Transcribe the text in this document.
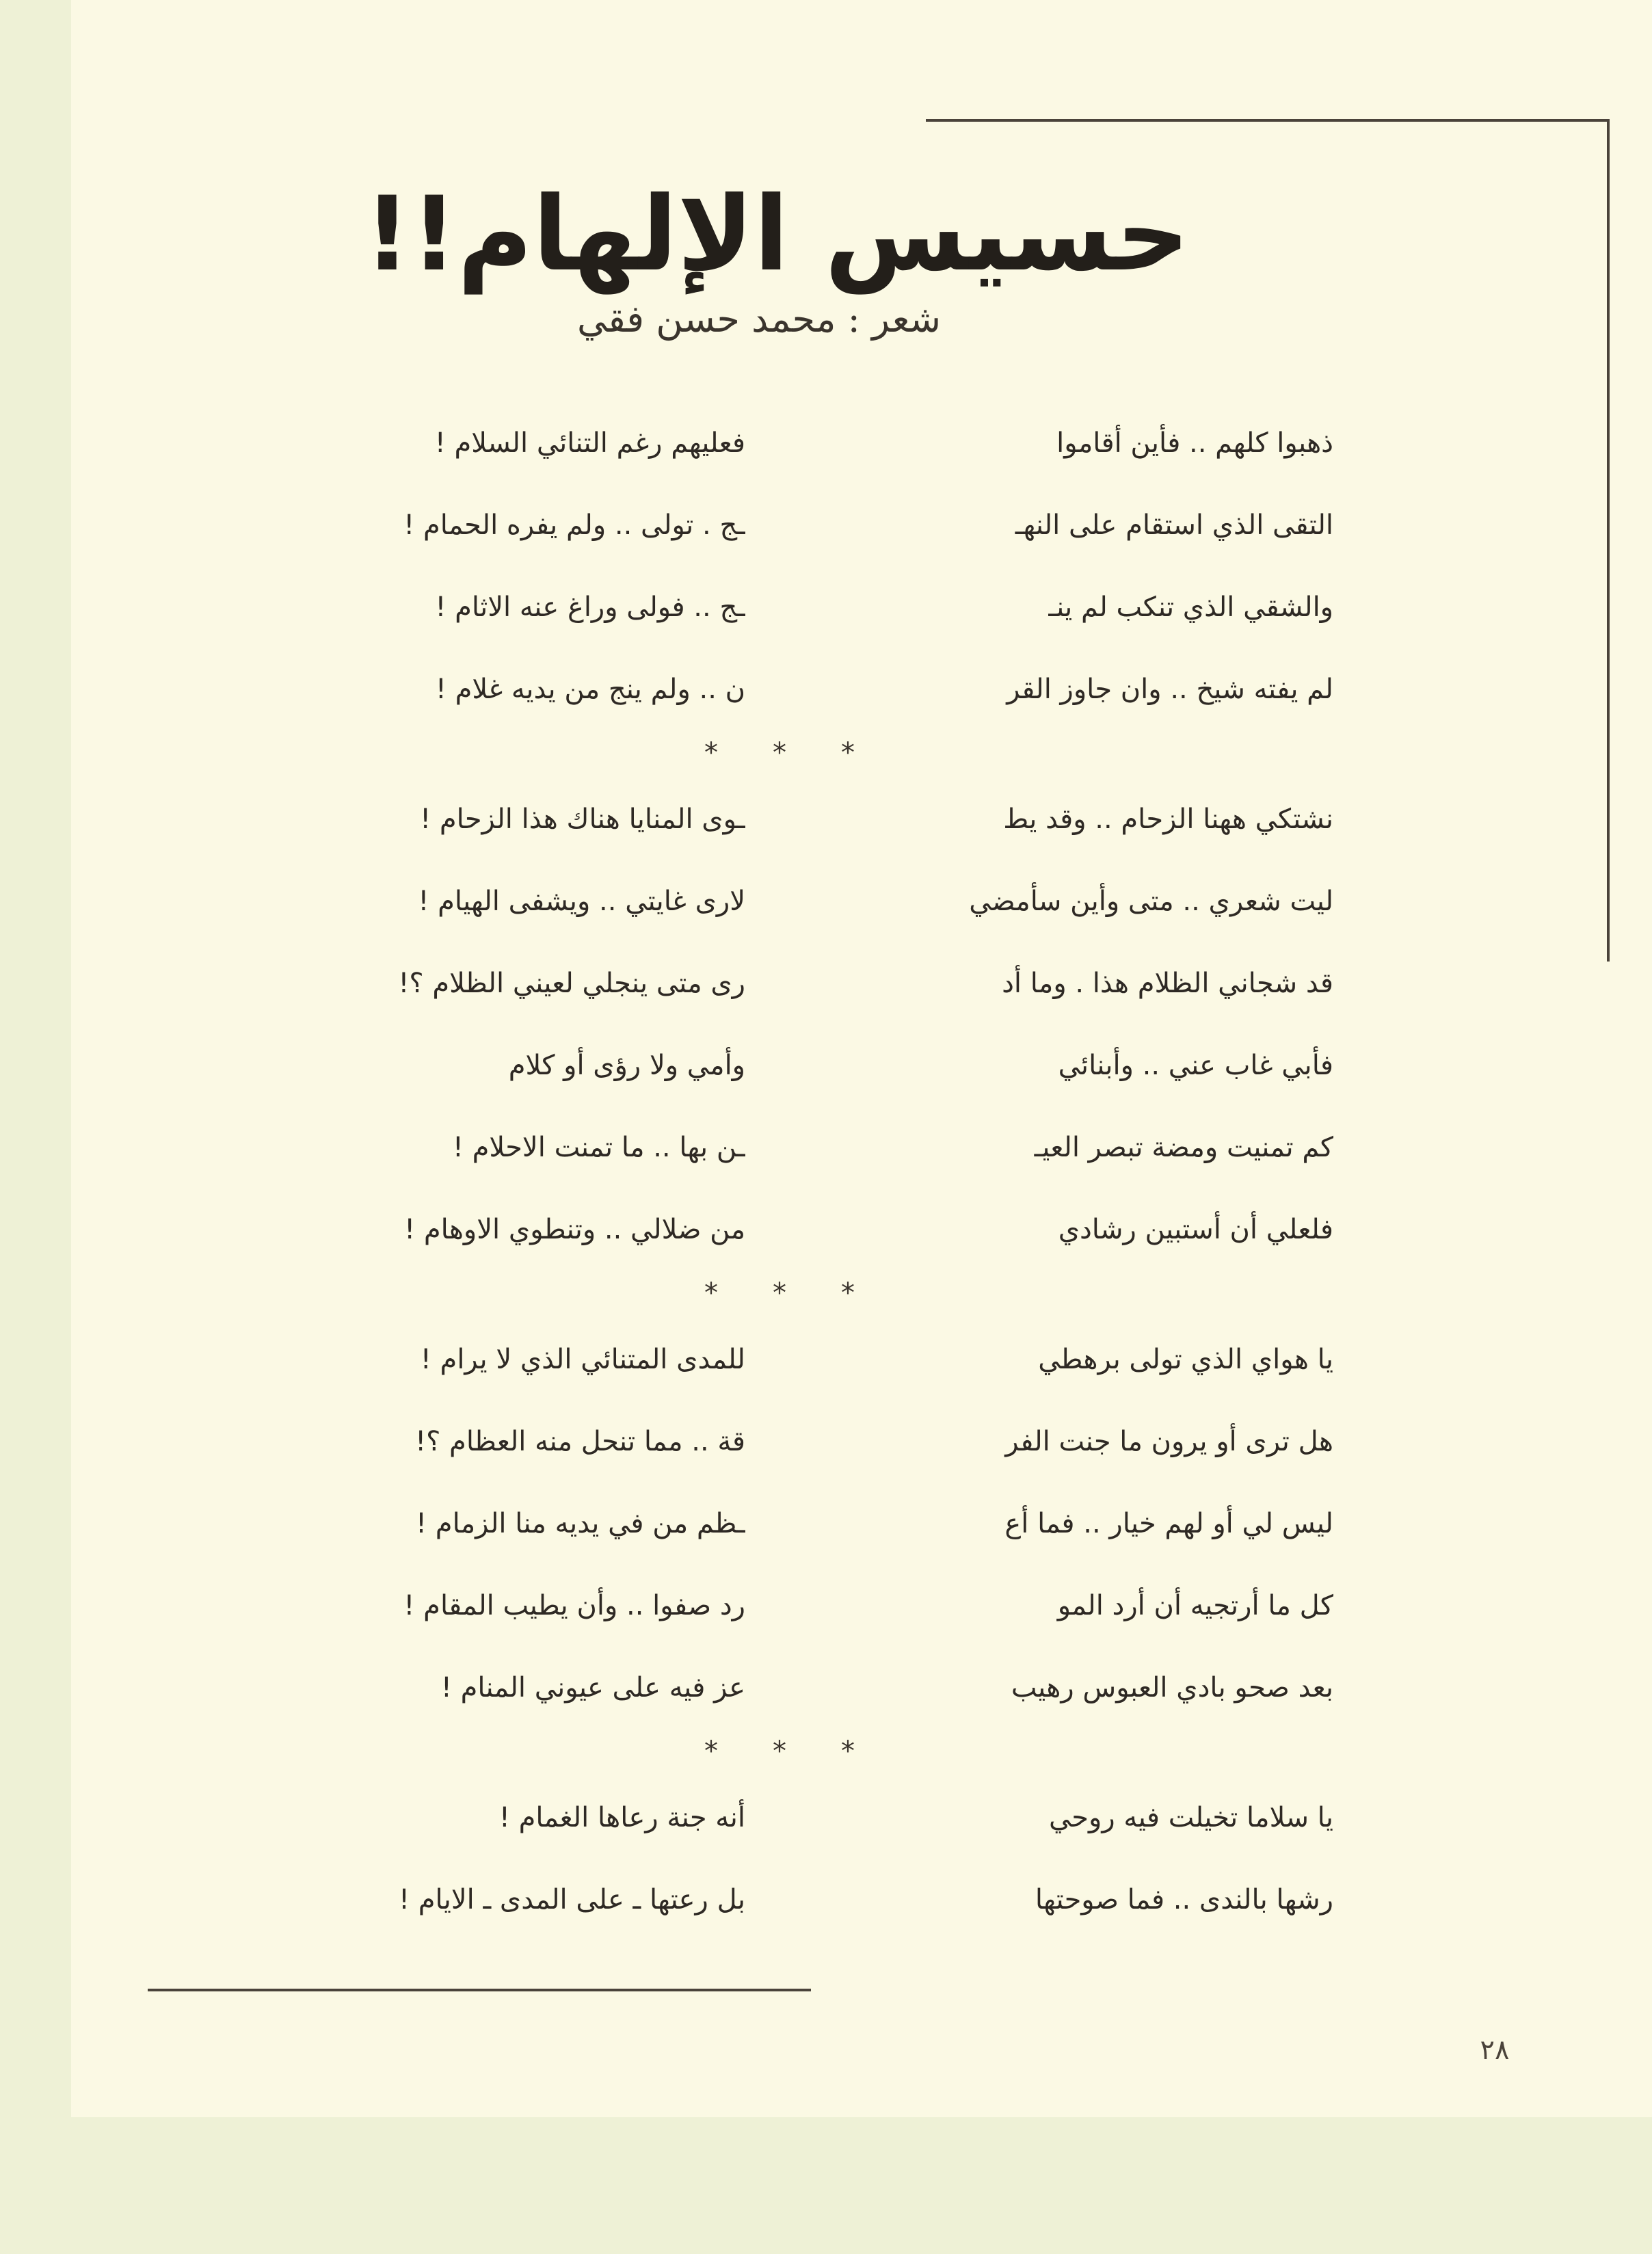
حسيس الإلهام!!
شعر : محمد حسن فقي
ذهبوا كلهم .. فأين أقاموا
فعليهم رغم التنائي السلام !
التقى الذي استقام على النهـ
ـج . تولى .. ولم يفره الحمام !
والشقي الذي تنكب لم ينـ
ـج .. فولى وراغ عنه الاثام !
لم يفته شيخ .. وان جاوز القر
ن .. ولم ينج من يديه غلام !
*
*
*
نشتكي ههنا الزحام .. وقد يط
ـوى المنايا هناك هذا الزحام !
ليت شعري .. متى وأين سأمضي
لارى غايتي .. ويشفى الهيام !
قد شجاني الظلام هذا . وما أد
رى متى ينجلي لعيني الظلام ؟!
فأبي غاب عني .. وأبنائي
وأمي ولا رؤى أو كلام
كم تمنيت ومضة تبصر العيـ
ـن بها .. ما تمنت الاحلام !
فلعلي أن أستبين رشادي
من ضلالي .. وتنطوي الاوهام !
*
*
*
يا هواي الذي تولى برهطي
للمدى المتنائي الذي لا يرام !
هل ترى أو يرون ما جنت الفر
قة .. مما تنحل منه العظام ؟!
ليس لي أو لهم خيار .. فما أع
ـظم من في يديه منا الزمام !
كل ما أرتجيه أن أرد المو
رد صفوا .. وأن يطيب المقام !
بعد صحو بادي العبوس رهيب
عز فيه على عيوني المنام !
*
*
*
يا سلاما تخيلت فيه روحي
أنه جنة رعاها الغمام !
رشها بالندى .. فما صوحتها
بل رعتها ـ على المدى ـ الايام !
٢٨
